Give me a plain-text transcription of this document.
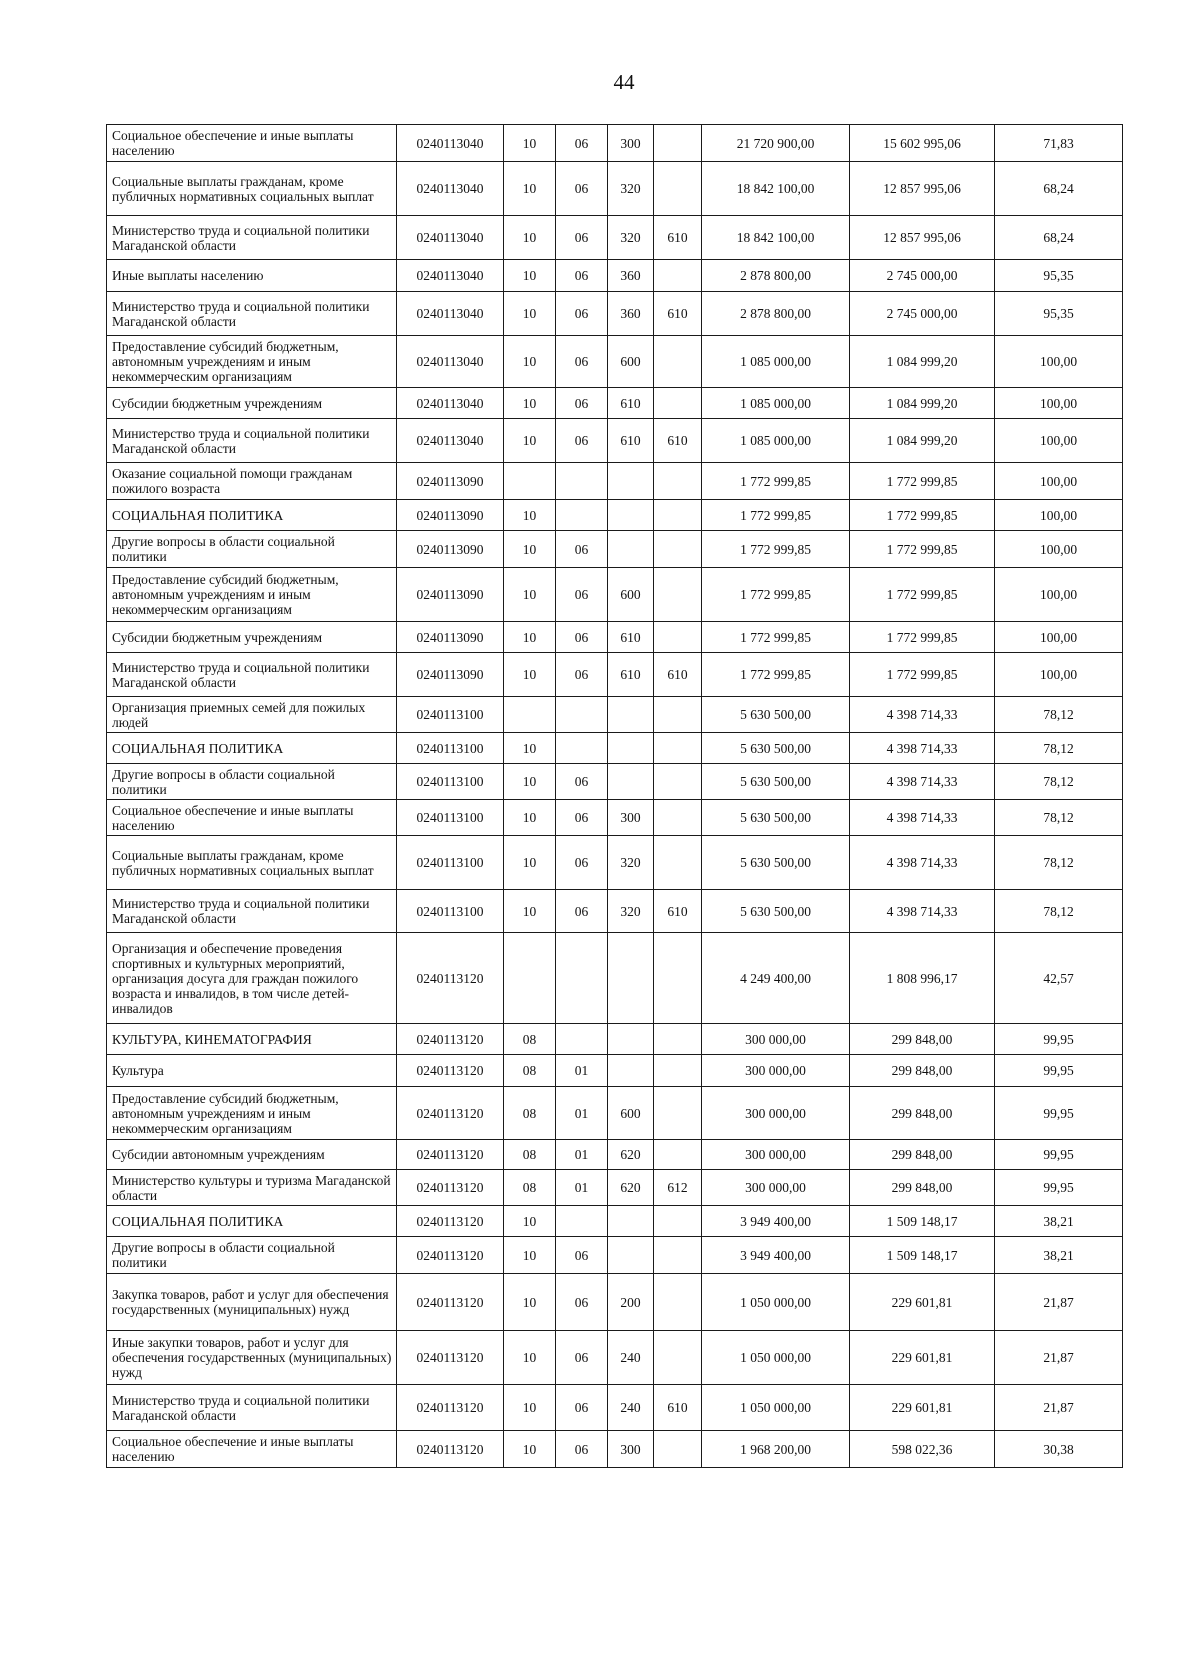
44
Социальное обеспечение и иные выплаты населению	0240113040	10	06	300		21 720 900,00	15 602 995,06	71,83
Социальные выплаты гражданам, кроме публичных нормативных социальных выплат	0240113040	10	06	320		18 842 100,00	12 857 995,06	68,24
Министерство труда и социальной политики Магаданской области	0240113040	10	06	320	610	18 842 100,00	12 857 995,06	68,24
Иные выплаты населению	0240113040	10	06	360		2 878 800,00	2 745 000,00	95,35
Министерство труда и социальной политики Магаданской области	0240113040	10	06	360	610	2 878 800,00	2 745 000,00	95,35
Предоставление субсидий бюджетным, автономным учреждениям и иным некоммерческим организациям	0240113040	10	06	600		1 085 000,00	1 084 999,20	100,00
Субсидии бюджетным учреждениям	0240113040	10	06	610		1 085 000,00	1 084 999,20	100,00
Министерство труда и социальной политики Магаданской области	0240113040	10	06	610	610	1 085 000,00	1 084 999,20	100,00
Оказание социальной помощи гражданам пожилого возраста	0240113090					1 772 999,85	1 772 999,85	100,00
СОЦИАЛЬНАЯ ПОЛИТИКА	0240113090	10				1 772 999,85	1 772 999,85	100,00
Другие вопросы в области социальной политики	0240113090	10	06			1 772 999,85	1 772 999,85	100,00
Предоставление субсидий бюджетным, автономным учреждениям и иным некоммерческим организациям	0240113090	10	06	600		1 772 999,85	1 772 999,85	100,00
Субсидии бюджетным учреждениям	0240113090	10	06	610		1 772 999,85	1 772 999,85	100,00
Министерство труда и социальной политики Магаданской области	0240113090	10	06	610	610	1 772 999,85	1 772 999,85	100,00
Организация приемных семей для пожилых людей	0240113100					5 630 500,00	4 398 714,33	78,12
СОЦИАЛЬНАЯ ПОЛИТИКА	0240113100	10				5 630 500,00	4 398 714,33	78,12
Другие вопросы в области социальной политики	0240113100	10	06			5 630 500,00	4 398 714,33	78,12
Социальное обеспечение и иные выплаты населению	0240113100	10	06	300		5 630 500,00	4 398 714,33	78,12
Социальные выплаты гражданам, кроме публичных нормативных социальных выплат	0240113100	10	06	320		5 630 500,00	4 398 714,33	78,12
Министерство труда и социальной политики Магаданской области	0240113100	10	06	320	610	5 630 500,00	4 398 714,33	78,12
Организация и обеспечение проведения спортивных и культурных мероприятий, организация досуга для граждан пожилого возраста и инвалидов, в том числе детей-инвалидов	0240113120					4 249 400,00	1 808 996,17	42,57
КУЛЬТУРА, КИНЕМАТОГРАФИЯ	0240113120	08				300 000,00	299 848,00	99,95
Культура	0240113120	08	01			300 000,00	299 848,00	99,95
Предоставление субсидий бюджетным, автономным учреждениям и иным некоммерческим организациям	0240113120	08	01	600		300 000,00	299 848,00	99,95
Субсидии автономным учреждениям	0240113120	08	01	620		300 000,00	299 848,00	99,95
Министерство культуры и туризма Магаданской области	0240113120	08	01	620	612	300 000,00	299 848,00	99,95
СОЦИАЛЬНАЯ ПОЛИТИКА	0240113120	10				3 949 400,00	1 509 148,17	38,21
Другие вопросы в области социальной политики	0240113120	10	06			3 949 400,00	1 509 148,17	38,21
Закупка товаров, работ и услуг для обеспечения государственных (муниципальных) нужд	0240113120	10	06	200		1 050 000,00	229 601,81	21,87
Иные закупки товаров, работ и услуг для обеспечения государственных (муниципальных) нужд	0240113120	10	06	240		1 050 000,00	229 601,81	21,87
Министерство труда и социальной политики Магаданской области	0240113120	10	06	240	610	1 050 000,00	229 601,81	21,87
Социальное обеспечение и иные выплаты населению	0240113120	10	06	300		1 968 200,00	598 022,36	30,38
